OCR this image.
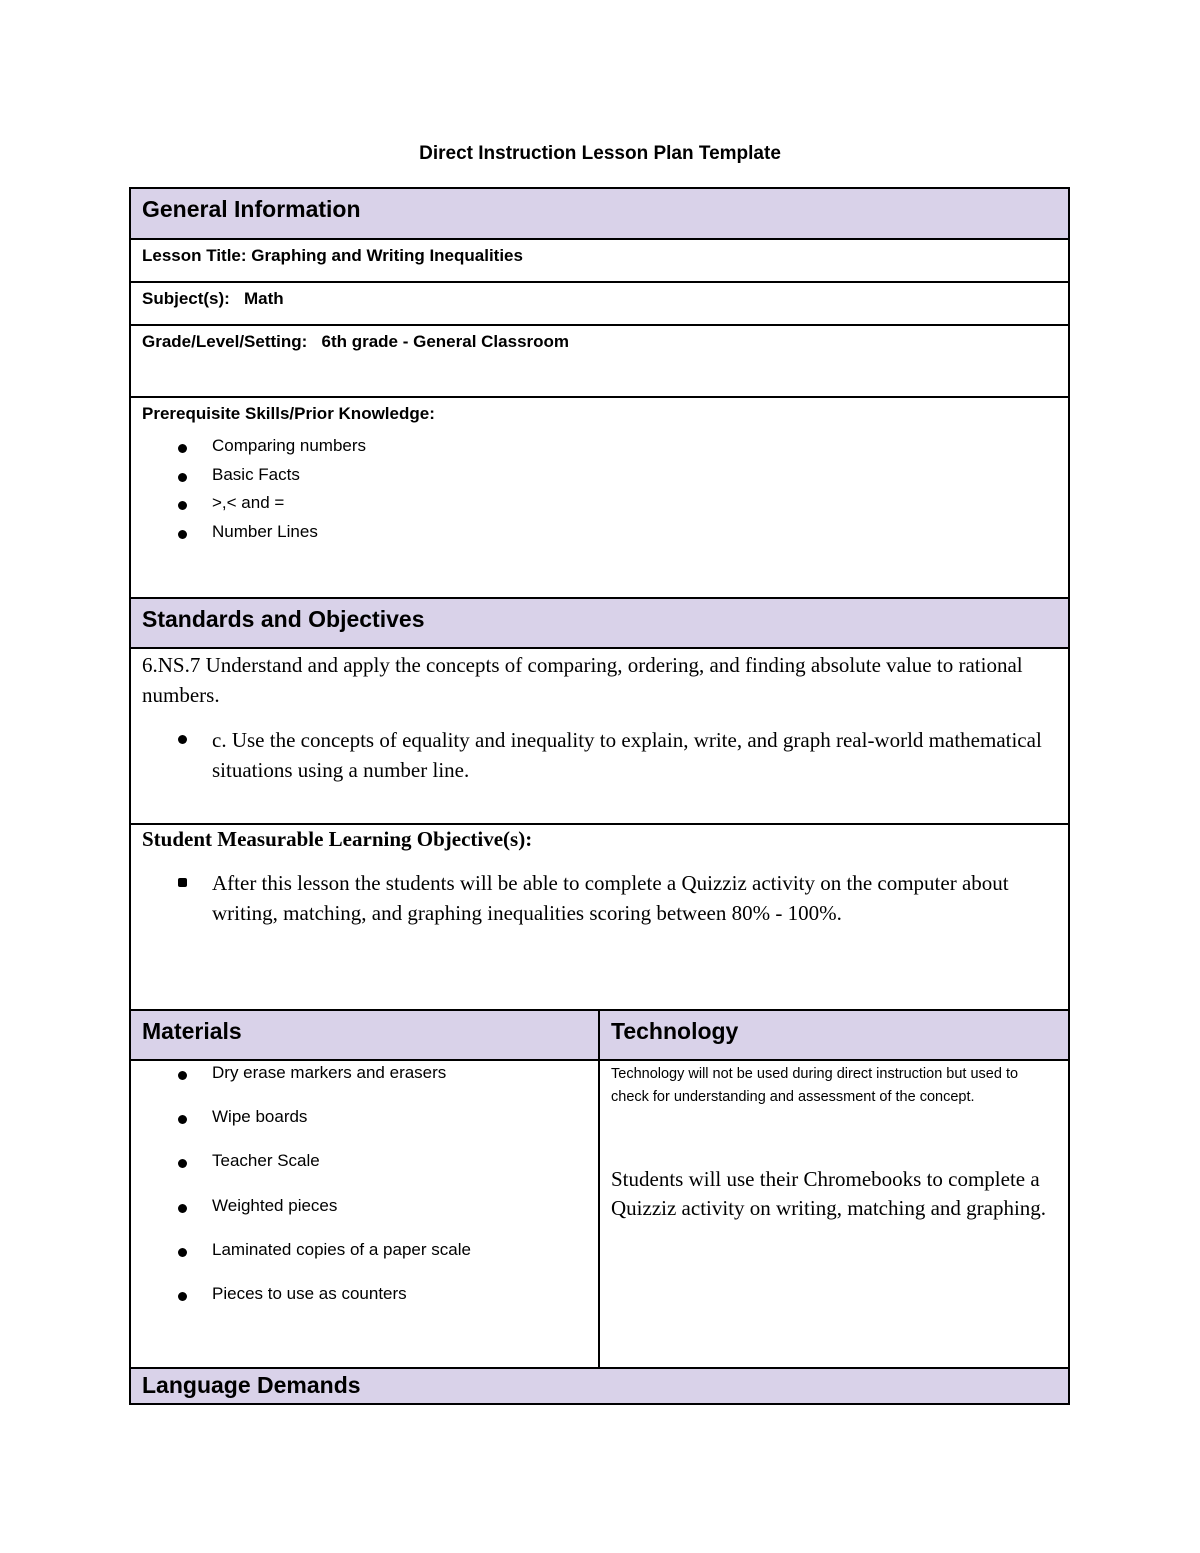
Direct Instruction Lesson Plan Template
General Information
Lesson Title: Graphing and Writing Inequalities
Subject(s): Math
Grade/Level/Setting: 6th grade - General Classroom
Prerequisite Skills/Prior Knowledge:
Comparing numbers
Basic Facts
>,< and =
Number Lines
Standards and Objectives
6.NS.7 Understand and apply the concepts of comparing, ordering, and finding absolute value to rational numbers.
c. Use the concepts of equality and inequality to explain, write, and graph real-world mathematical situations using a number line.
Student Measurable Learning Objective(s):
After this lesson the students will be able to complete a Quizziz activity on the computer about writing, matching, and graphing inequalities scoring between 80% - 100%.
Materials	Technology
Dry erase markers and erasers
Wipe boards
Teacher Scale
Weighted pieces
Laminated copies of a paper scale
Pieces to use as counters
Technology will not be used during direct instruction but used to check for understanding and assessment of the concept.
Students will use their Chromebooks to complete a Quizziz activity on writing, matching and graphing.
Language Demands
